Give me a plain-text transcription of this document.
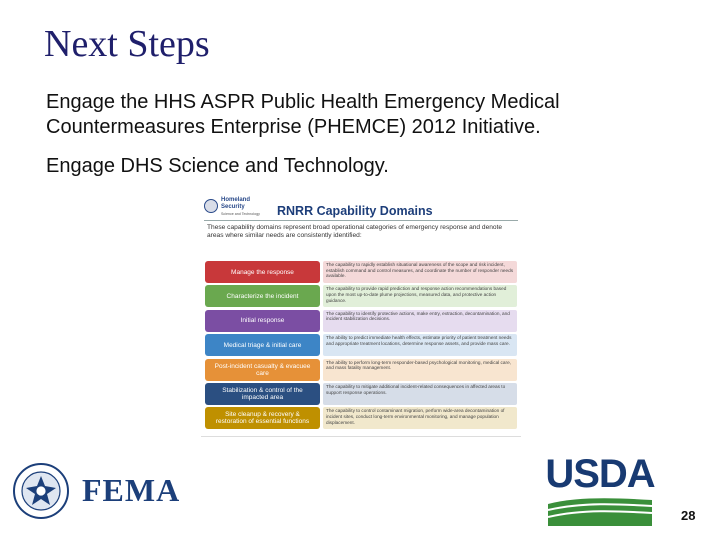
Next Steps
Engage the HHS ASPR Public Health Emergency Medical Countermeasures Enterprise (PHEMCE) 2012 Initiative.
Engage DHS Science and Technology.
Homeland
Security
Science and Technology RNRR Capability Domains
These capability domains represent broad operational categories of emergency response and denote areas where similar needs are consistently identified:
Manage the response
The capability to rapidly establish situational awareness of the scope and risk incident, establish command and control measures, and coordinate the number of responder needs available.
Characterize the incident
The capability to provide rapid prediction and response action recommendations based upon the most up-to-date plume projections, measured data, and protective action guidance.
Initial response
The capability to identify protective actions, make entry, extraction, decontamination, and incident stabilization decisions.
Medical triage & initial care
The ability to predict immediate health effects, estimate priority of patient treatment needs and appropriate treatment locations, determine response assets, and provide mass care.
Post-incident casualty & evacuee care
The ability to perform long-term responder-based psychological monitoring, medical care, and mass fatality management.
Stabilization & control of the impacted area
The capability to mitigate additional incident-related consequences in affected areas to support response operations.
Site cleanup & recovery & restoration of essential functions
The capability to control contaminant migration, perform wide-area decontamination of incident sites, conduct long-term environmental monitoring, and manage population displacement.
FEMA	USDA
28
